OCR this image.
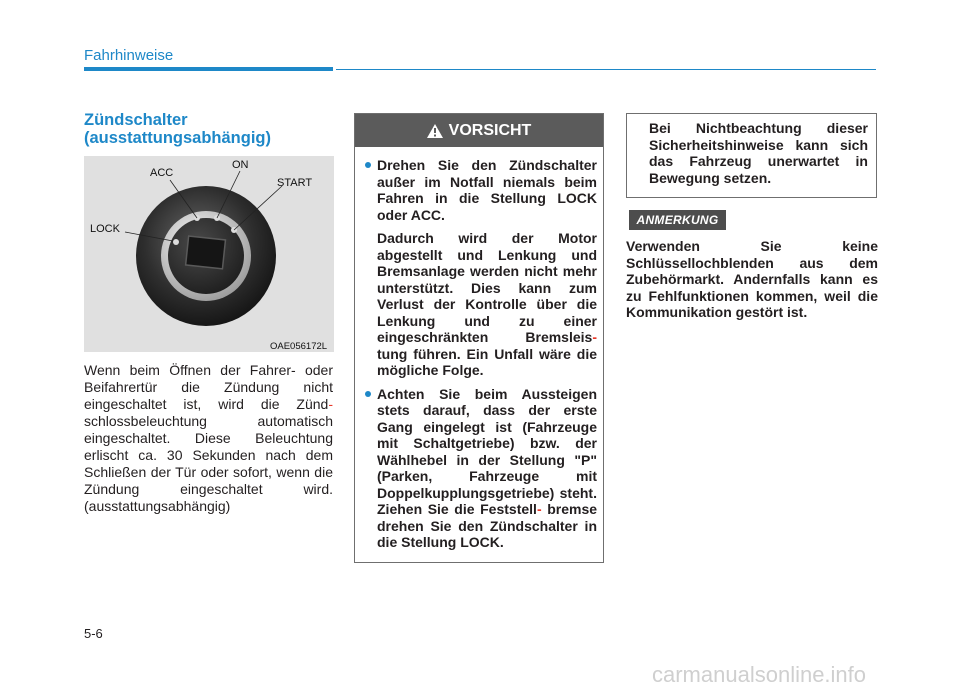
Fahrhinweise
Zündschalter
(ausstattungsabhängig)
ACC
ON
START
LOCK
OAE056172L

Wenn beim Öffnen der Fahrer- oder Beifahrertür die Zündung nicht eingeschaltet ist, wird die Zünd-schlossbeleuchtung automatisch eingeschaltet. Diese Beleuchtung erlischt ca. 30 Sekunden nach dem Schließen der Tür oder sofort, wenn die Zündung eingeschaltet wird. (ausstattungsabhängig)

VORSICHT

Drehen Sie den Zündschalter außer im Notfall niemals beim Fahren in die Stellung LOCK oder ACC.

Dadurch wird der Motor abgestellt und Lenkung und Bremsanlage werden nicht mehr unterstützt. Dies kann zum Verlust der Kontrolle über die Lenkung und zu einer eingeschränkten Bremsleis- tung führen. Ein Unfall wäre die mögliche Folge.

Achten Sie beim Aussteigen stets darauf, dass der erste Gang eingelegt ist (Fahrzeuge mit Schaltgetriebe) bzw. der Wählhebel in der Stellung "P" (Parken, Fahrzeuge mit Doppelkupplungsgetriebe) steht. Ziehen Sie die Feststell- bremse drehen Sie den Zündschalter in die Stellung LOCK.

Bei Nichtbeachtung dieser Sicherheitshinweise kann sich das Fahrzeug unerwartet in Bewegung setzen.
ANMERKUNG
Verwenden Sie keine Schlüssellochblenden aus dem Zubehörmarkt. Andernfalls kann es zu Fehlfunktionen kommen, weil die Kommunikation gestört ist.
5-6
carmanualsonline.info
